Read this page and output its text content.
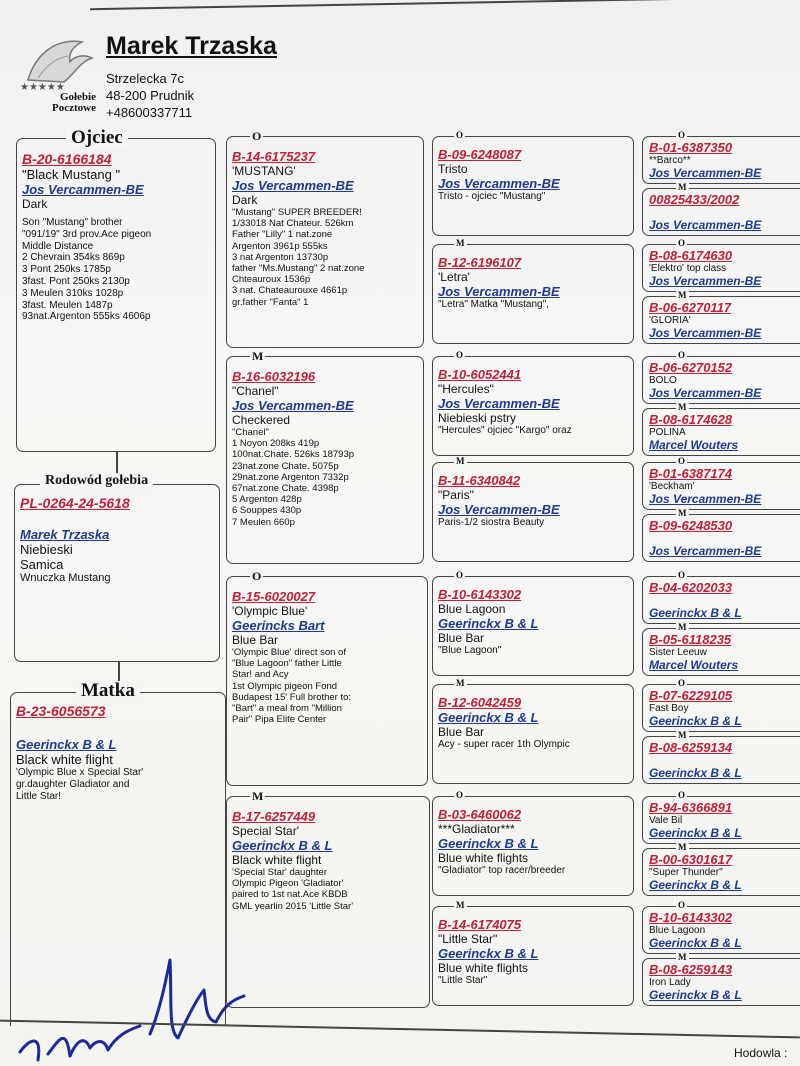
★★★★★
Gołebie
Pocztowe
Marek Trzaska
Strzelecka 7c
48-200 Prudnik
+48600337711
B-20-6166184
"Black Mustang "
Jos Vercammen-BE
Dark
Son "Mustang" brother
"091/19" 3rd prov.Ace pigeon
Middle Distance
2 Chevrain 354ks 869p
3 Pont 250ks 1785p
3fast. Pont 250ks 2130p
3 Meulen 310ks 1028p
3fast. Meulen 1487p
93nat.Argenton 555ks 4606p
Ojciec
PL-0264-24-5618
Marek Trzaska
Niebieski
Samica
Wnuczka Mustang
Rodowód gołebia
B-23-6056573
Geerinckx B & L
Black white flight
'Olympic Blue x Special Star'
gr.daughter Gladiator and
Little Star!
Matka
B-14-6175237
'MUSTANG'
Jos Vercammen-BE
Dark
"Mustang" SUPER BREEDER!
1/33018 Nat Chateur. 526km
Father "Lilly" 1 nat.zone
Argenton 3961p 555ks
3 nat Argenton 13730p
father "Ms.Mustang" 2 nat.zone
Chteauroux 1536p
3 nat. Chateaurouxe 4661p
gr.father "Fanta" 1
O
B-16-6032196
"Chanel"
Jos Vercammen-BE
Checkered
"Chanel"
1 Noyon 208ks 419p
100nat.Chate. 526ks 18793p
23nat.zone Chate. 5075p
29nat.zone Argenton 7332p
67nat.zone Chate. 4398p
5 Argenton 428p
6 Souppes 430p
7 Meulen 660p
M
B-15-6020027
'Olympic Blue'
Geerincks Bart
Blue Bar
'Olympic Blue' direct son of
"Blue Lagoon" father Little
Star! and Acy
1st Olympic pigeon Fond
Budapest 15' Full brother to:
"Bart" a meal from "Million
Pair" Pipa Elite Center
O
B-17-6257449
Special Star'
Geerinckx B & L
Black white flight
'Special Star' daughter
Olympic Pigeon 'Gladiator'
paired to 1st nat.Ace KBDB
GML yearlin 2015 'Little Star'
M
B-09-6248087
Tristo
Jos Vercammen-BE
Tristo - ojciec "Mustang"
O
B-12-6196107
'Letra'
Jos Vercammen-BE
"Letra" Matka "Mustang",
M
B-10-6052441
"Hercules"
Jos Vercammen-BE
Niebieski pstry
"Hercules" ojciec "Kargo" oraz
O
B-11-6340842
"Paris"
Jos Vercammen-BE
Paris-1/2 siostra Beauty
M
B-10-6143302
Blue Lagoon
Geerinckx B & L
Blue Bar
"Blue Lagoon"
O
B-12-6042459
Geerinckx B & L
Blue Bar
Acy - super racer 1th Olympic
M
B-03-6460062
***Gladiator***
Geerinckx B & L
Blue white flights
"Gladiator" top racer/breeder
O
B-14-6174075
"Little Star"
Geerinckx B & L
Blue white flights
"Little Star"
M
B-01-6387350
**Barco**
Jos Vercammen-BE
O
00825433/2002
Jos Vercammen-BE
M
B-08-6174630
'Elektro' top class
Jos Vercammen-BE
O
B-06-6270117
'GLORIA'
Jos Vercammen-BE
M
B-06-6270152
BOLO
Jos Vercammen-BE
O
B-08-6174628
POLINA
Marcel Wouters
M
B-01-6387174
'Beckham'
Jos Vercammen-BE
O
B-09-6248530
Jos Vercammen-BE
M
B-04-6202033
Geerinckx B & L
O
B-05-6118235
Sister Leeuw
Marcel Wouters
M
B-07-6229105
Fast Boy
Geerinckx B & L
O
B-08-6259134
Geerinckx B & L
M
B-94-6366891
Vale Bil
Geerinckx B & L
O
B-00-6301617
"Super Thunder"
Geerinckx B & L
M
B-10-6143302
Blue Lagoon
Geerinckx B & L
O
B-08-6259143
Iron Lady
Geerinckx B & L
M
Hodowla :
